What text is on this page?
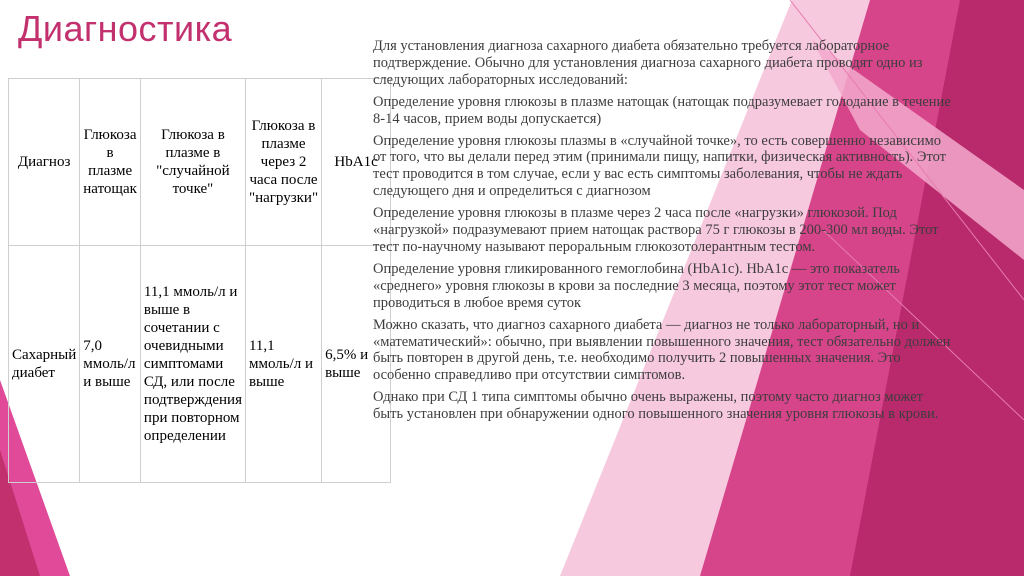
Диагностика
Диагноз	Глюкоза в плазме натощак	Глюкоза в плазме в "случайной точке"	Глюкоза в плазме через 2 часа после "нагрузки"	HbA1c
Сахарный диабет	7,0 ммоль/л и выше	11,1 ммоль/л и выше в сочетании с очевидными симптомами СД, или после подтверждения при повторном определении	11,1 ммоль/л и выше	6,5% и выше

Для установления диагноза сахарного диабета обязательно требуется лабораторное подтверждение. Обычно для установления диагноза сахарного диабета проводят одно из следующих лабораторных исследований:

Определение уровня глюкозы в плазме натощак (натощак подразумевает голодание в течение 8-14 часов, прием воды допускается)

Определение уровня глюкозы плазмы в «случайной точке», то есть совершенно независимо от того, что вы делали перед этим (принимали пищу, напитки, физическая активность). Этот тест проводится в том случае, если у вас есть симптомы заболевания, чтобы не ждать следующего дня и определиться с диагнозом

Определение уровня глюкозы в плазме через 2 часа после «нагрузки» глюкозой. Под «нагрузкой» подразумевают прием натощак раствора 75 г глюкозы в 200-300 мл воды. Этот тест по-научному называют пероральным глюкозотолерантным тестом.

Определение уровня гликированного гемоглобина (HbA1c). HbA1c — это показатель «среднего» уровня глюкозы в крови за последние 3 месяца, поэтому этот тест может проводиться в любое время суток

Можно сказать, что диагноз сахарного диабета — диагноз не только лабораторный, но и «математический»: обычно, при выявлении повышенного значения, тест обязательно должен быть повторен в другой день, т.е. необходимо получить 2 повышенных значения. Это особенно справедливо при отсутствии симптомов.

Однако при СД 1 типа симптомы обычно очень выражены, поэтому часто диагноз может быть установлен при обнаружении одного повышенного значения уровня глюкозы в крови.
